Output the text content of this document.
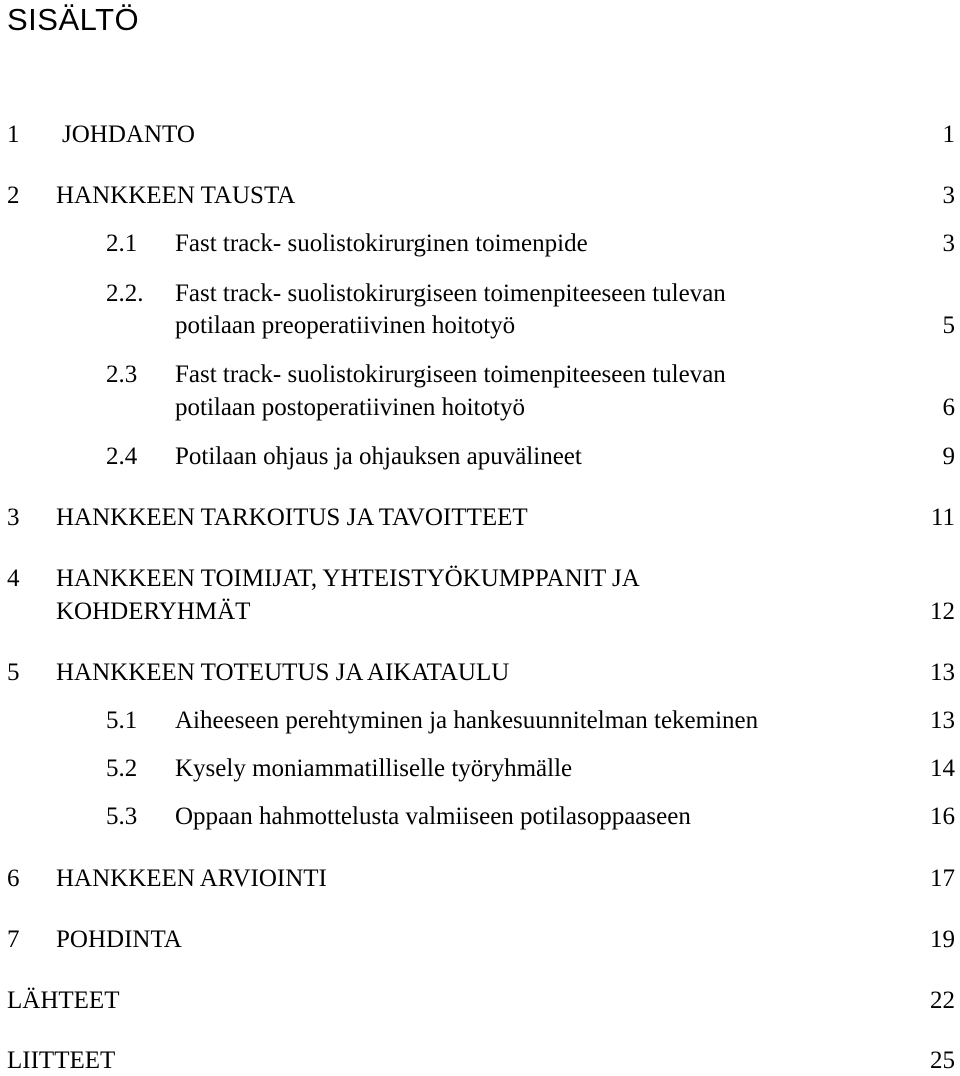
SISÄLTÖ
1 JOHDANTO	1
2 HANKKEEN TAUSTA	3
2.1 Fast track- suolistokirurginen toimenpide	3
2.2. Fast track- suolistokirurgiseen toimenpiteeseen tulevan
potilaan preoperatiivinen hoitotyö	5
2.3 Fast track- suolistokirurgiseen toimenpiteeseen tulevan
potilaan postoperatiivinen hoitotyö	6
2.4 Potilaan ohjaus ja ohjauksen apuvälineet	9
3 HANKKEEN TARKOITUS JA TAVOITTEET	11
4 HANKKEEN TOIMIJAT, YHTEISTYÖKUMPPANIT JA
KOHDERYHMÄT	12
5 HANKKEEN TOTEUTUS JA AIKATAULU	13
5.1 Aiheeseen perehtyminen ja hankesuunnitelman tekeminen	13
5.2 Kysely moniammatilliselle työryhmälle	14
5.3 Oppaan hahmottelusta valmiiseen potilasoppaaseen	16
6 HANKKEEN ARVIOINTI	17
7 POHDINTA	19
LÄHTEET	22
LIITTEET	25
